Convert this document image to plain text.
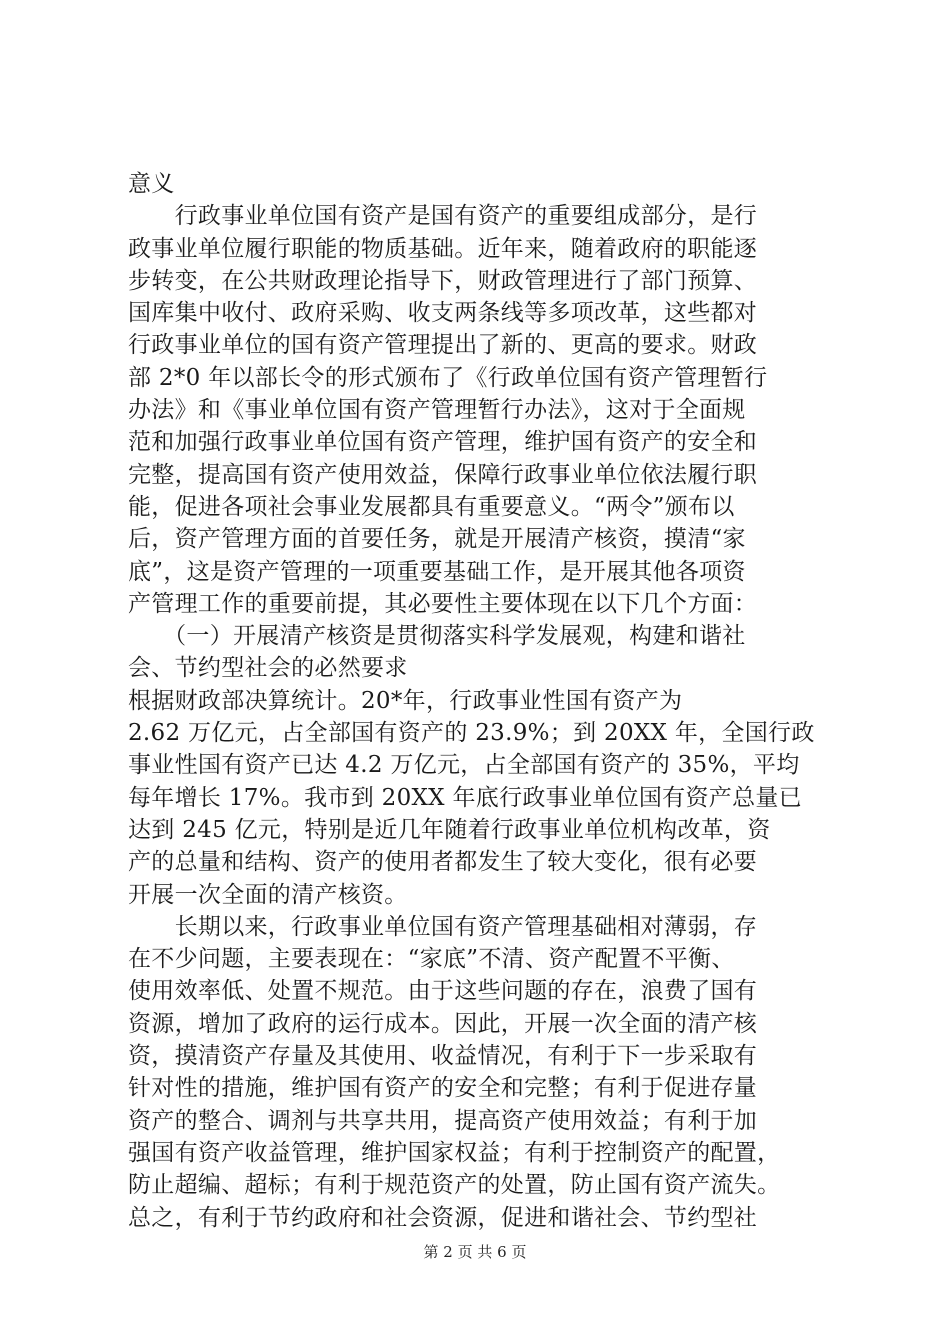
意义
　　行政事业单位国有资产是国有资产的重要组成部分，是行
政事业单位履行职能的物质基础。近年来，随着政府的职能逐
步转变，在公共财政理论指导下，财政管理进行了部门预算、
国库集中收付、政府采购、收支两条线等多项改革，这些都对
行政事业单位的国有资产管理提出了新的、更高的要求。财政
部 2*0 年以部长令的形式颁布了《行政单位国有资产管理暂行
办法》和《事业单位国有资产管理暂行办法》，这对于全面规
范和加强行政事业单位国有资产管理，维护国有资产的安全和
完整，提高国有资产使用效益，保障行政事业单位依法履行职
能，促进各项社会事业发展都具有重要意义。“两令”颁布以
后，资产管理方面的首要任务，就是开展清产核资，摸清“家
底”，这是资产管理的一项重要基础工作，是开展其他各项资
产管理工作的重要前提，其必要性主要体现在以下几个方面：
　　（一）开展清产核资是贯彻落实科学发展观，构建和谐社
会、节约型社会的必然要求
根据财政部决算统计。20*年，行政事业性国有资产为
2.62 万亿元，占全部国有资产的 23.9%；到 20XX 年，全国行政
事业性国有资产已达 4.2 万亿元，占全部国有资产的 35%，平均
每年增长 17%。我市到 20XX 年底行政事业单位国有资产总量已
达到 245 亿元，特别是近几年随着行政事业单位机构改革，资
产的总量和结构、资产的使用者都发生了较大变化，很有必要
开展一次全面的清产核资。
　　长期以来，行政事业单位国有资产管理基础相对薄弱，存
在不少问题，主要表现在：“家底”不清、资产配置不平衡、
使用效率低、处置不规范。由于这些问题的存在，浪费了国有
资源，增加了政府的运行成本。因此，开展一次全面的清产核
资，摸清资产存量及其使用、收益情况，有利于下一步采取有
针对性的措施，维护国有资产的安全和完整；有利于促进存量
资产的整合、调剂与共享共用，提高资产使用效益；有利于加
强国有资产收益管理，维护国家权益；有利于控制资产的配置，
防止超编、超标；有利于规范资产的处置，防止国有资产流失。
总之，有利于节约政府和社会资源，促进和谐社会、节约型社
第 2 页 共 6 页
